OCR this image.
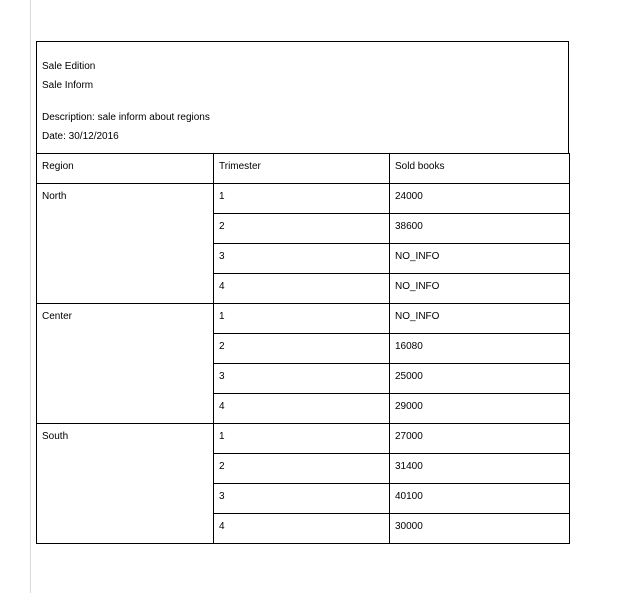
Sale Edition
Sale Inform
Description: sale inform about regions
Date: 30/12/2016
Region	Trimester	Sold books
North	1	24000
	2	38600
	3	NO_INFO
	4	NO_INFO
Center	1	NO_INFO
	2	16080
	3	25000
	4	29000
South	1	27000
	2	31400
	3	40100
	4	30000
